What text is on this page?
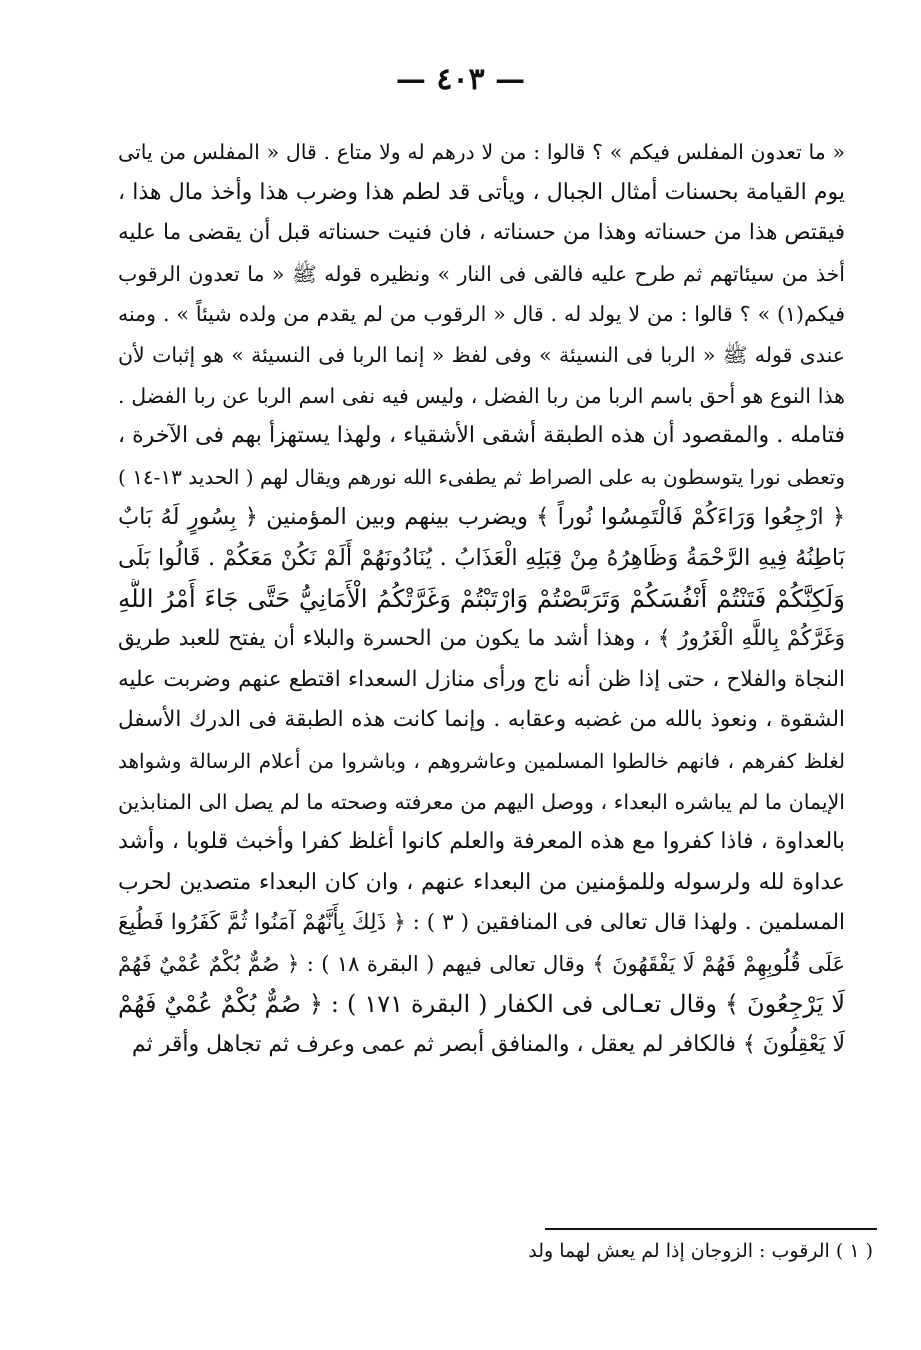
— ٤٠٣ —
« ما تعدون المفلس فيكم » ؟ قالوا : من لا درهم له ولا متاع . قال « المفلس من ياتى
يوم القيامة بحسنات أمثال الجبال ، ويأتى قد لطم هذا وضرب هذا وأخذ مال هذا ،
فيقتص هذا من حسناته وهذا من حسناته ، فان فنيت حسناته قبل أن يقضى ما عليه
أخذ من سيئاتهم ثم طرح عليه فالقى فى النار » ونظيره قوله ﷺ « ما تعدون الرقوب
فيكم(١) » ؟ قالوا : من لا يولد له . قال « الرقوب من لم يقدم من ولده شيئاً » . ومنه
عندى قوله ﷺ « الربا فى النسيئة » وفى لفظ « إنما الربا فى النسيئة » هو إثبات لأن
هذا النوع هو أحق باسم الربا من ربا الفضل ، وليس فيه نفى اسم الربا عن ربا الفضل .
فتامله . والمقصود أن هذه الطبقة أشقى الأشقياء ، ولهذا يستهزأ بهم فى الآخرة ،
وتعطى نورا يتوسطون به على الصراط ثم يطفىء الله نورهم ويقال لهم ( الحديد ١٣-١٤ )
﴿ ارْجِعُوا وَرَاءَكُمْ فَالْتَمِسُوا نُوراً ﴾ ويضرب بينهم وبين المؤمنين ﴿ بِسُورٍ لَهُ بَابٌ
بَاطِنُهُ فِيهِ الرَّحْمَةُ وَظَاهِرُهُ مِنْ قِبَلِهِ الْعَذَابُ . يُنَادُونَهُمْ أَلَمْ نَكُنْ مَعَكُمْ . قَالُوا بَلَى
وَلَكِنَّكُمْ فَتَنْتُمْ أَنْفُسَكُمْ وَتَرَبَّصْتُمْ وَارْتَبْتُمْ وَغَرَّتْكُمُ الْأَمَانِيُّ حَتَّى جَاءَ أَمْرُ اللَّهِ
وَغَرَّكُمْ بِاللَّهِ الْغَرُورُ ﴾ ، وهذا أشد ما يكون من الحسرة والبلاء أن يفتح للعبد طريق
النجاة والفلاح ، حتى إذا ظن أنه ناج ورأى منازل السعداء اقتطع عنهم وضربت عليه
الشقوة ، ونعوذ بالله من غضبه وعقابه . وإنما كانت هذه الطبقة فى الدرك الأسفل
لغلظ كفرهم ، فانهم خالطوا المسلمين وعاشروهم ، وباشروا من أعلام الرسالة وشواهد
الإيمان ما لم يباشره البعداء ، ووصل اليهم من معرفته وصحته ما لم يصل الى المنابذين
بالعداوة ، فاذا كفروا مع هذه المعرفة والعلم كانوا أغلظ كفرا وأخبث قلوبا ، وأشد
عداوة لله ولرسوله وللمؤمنين من البعداء عنهم ، وان كان البعداء متصدين لحرب
المسلمين . ولهذا قال تعالى فى المنافقين ( ٣ ) : ﴿ ذَلِكَ بِأَنَّهُمْ آمَنُوا ثُمَّ كَفَرُوا فَطُبِعَ
عَلَى قُلُوبِهِمْ فَهُمْ لَا يَفْقَهُونَ ﴾ وقال تعالى فيهم ( البقرة ١٨ ) : ﴿ صُمٌّ بُكْمٌ عُمْيٌ فَهُمْ
لَا يَرْجِعُونَ ﴾ وقال تعـالى فى الكفار ( البقرة ١٧١ ) : ﴿ صُمٌّ بُكْمٌ عُمْيٌ فَهُمْ
لَا يَعْقِلُونَ ﴾ فالكافر لم يعقل ، والمنافق أبصر ثم عمى وعرف ثم تجاهل وأقر ثم
( ١ ) الرقوب : الزوجان إذا لم يعش لهما ولد
